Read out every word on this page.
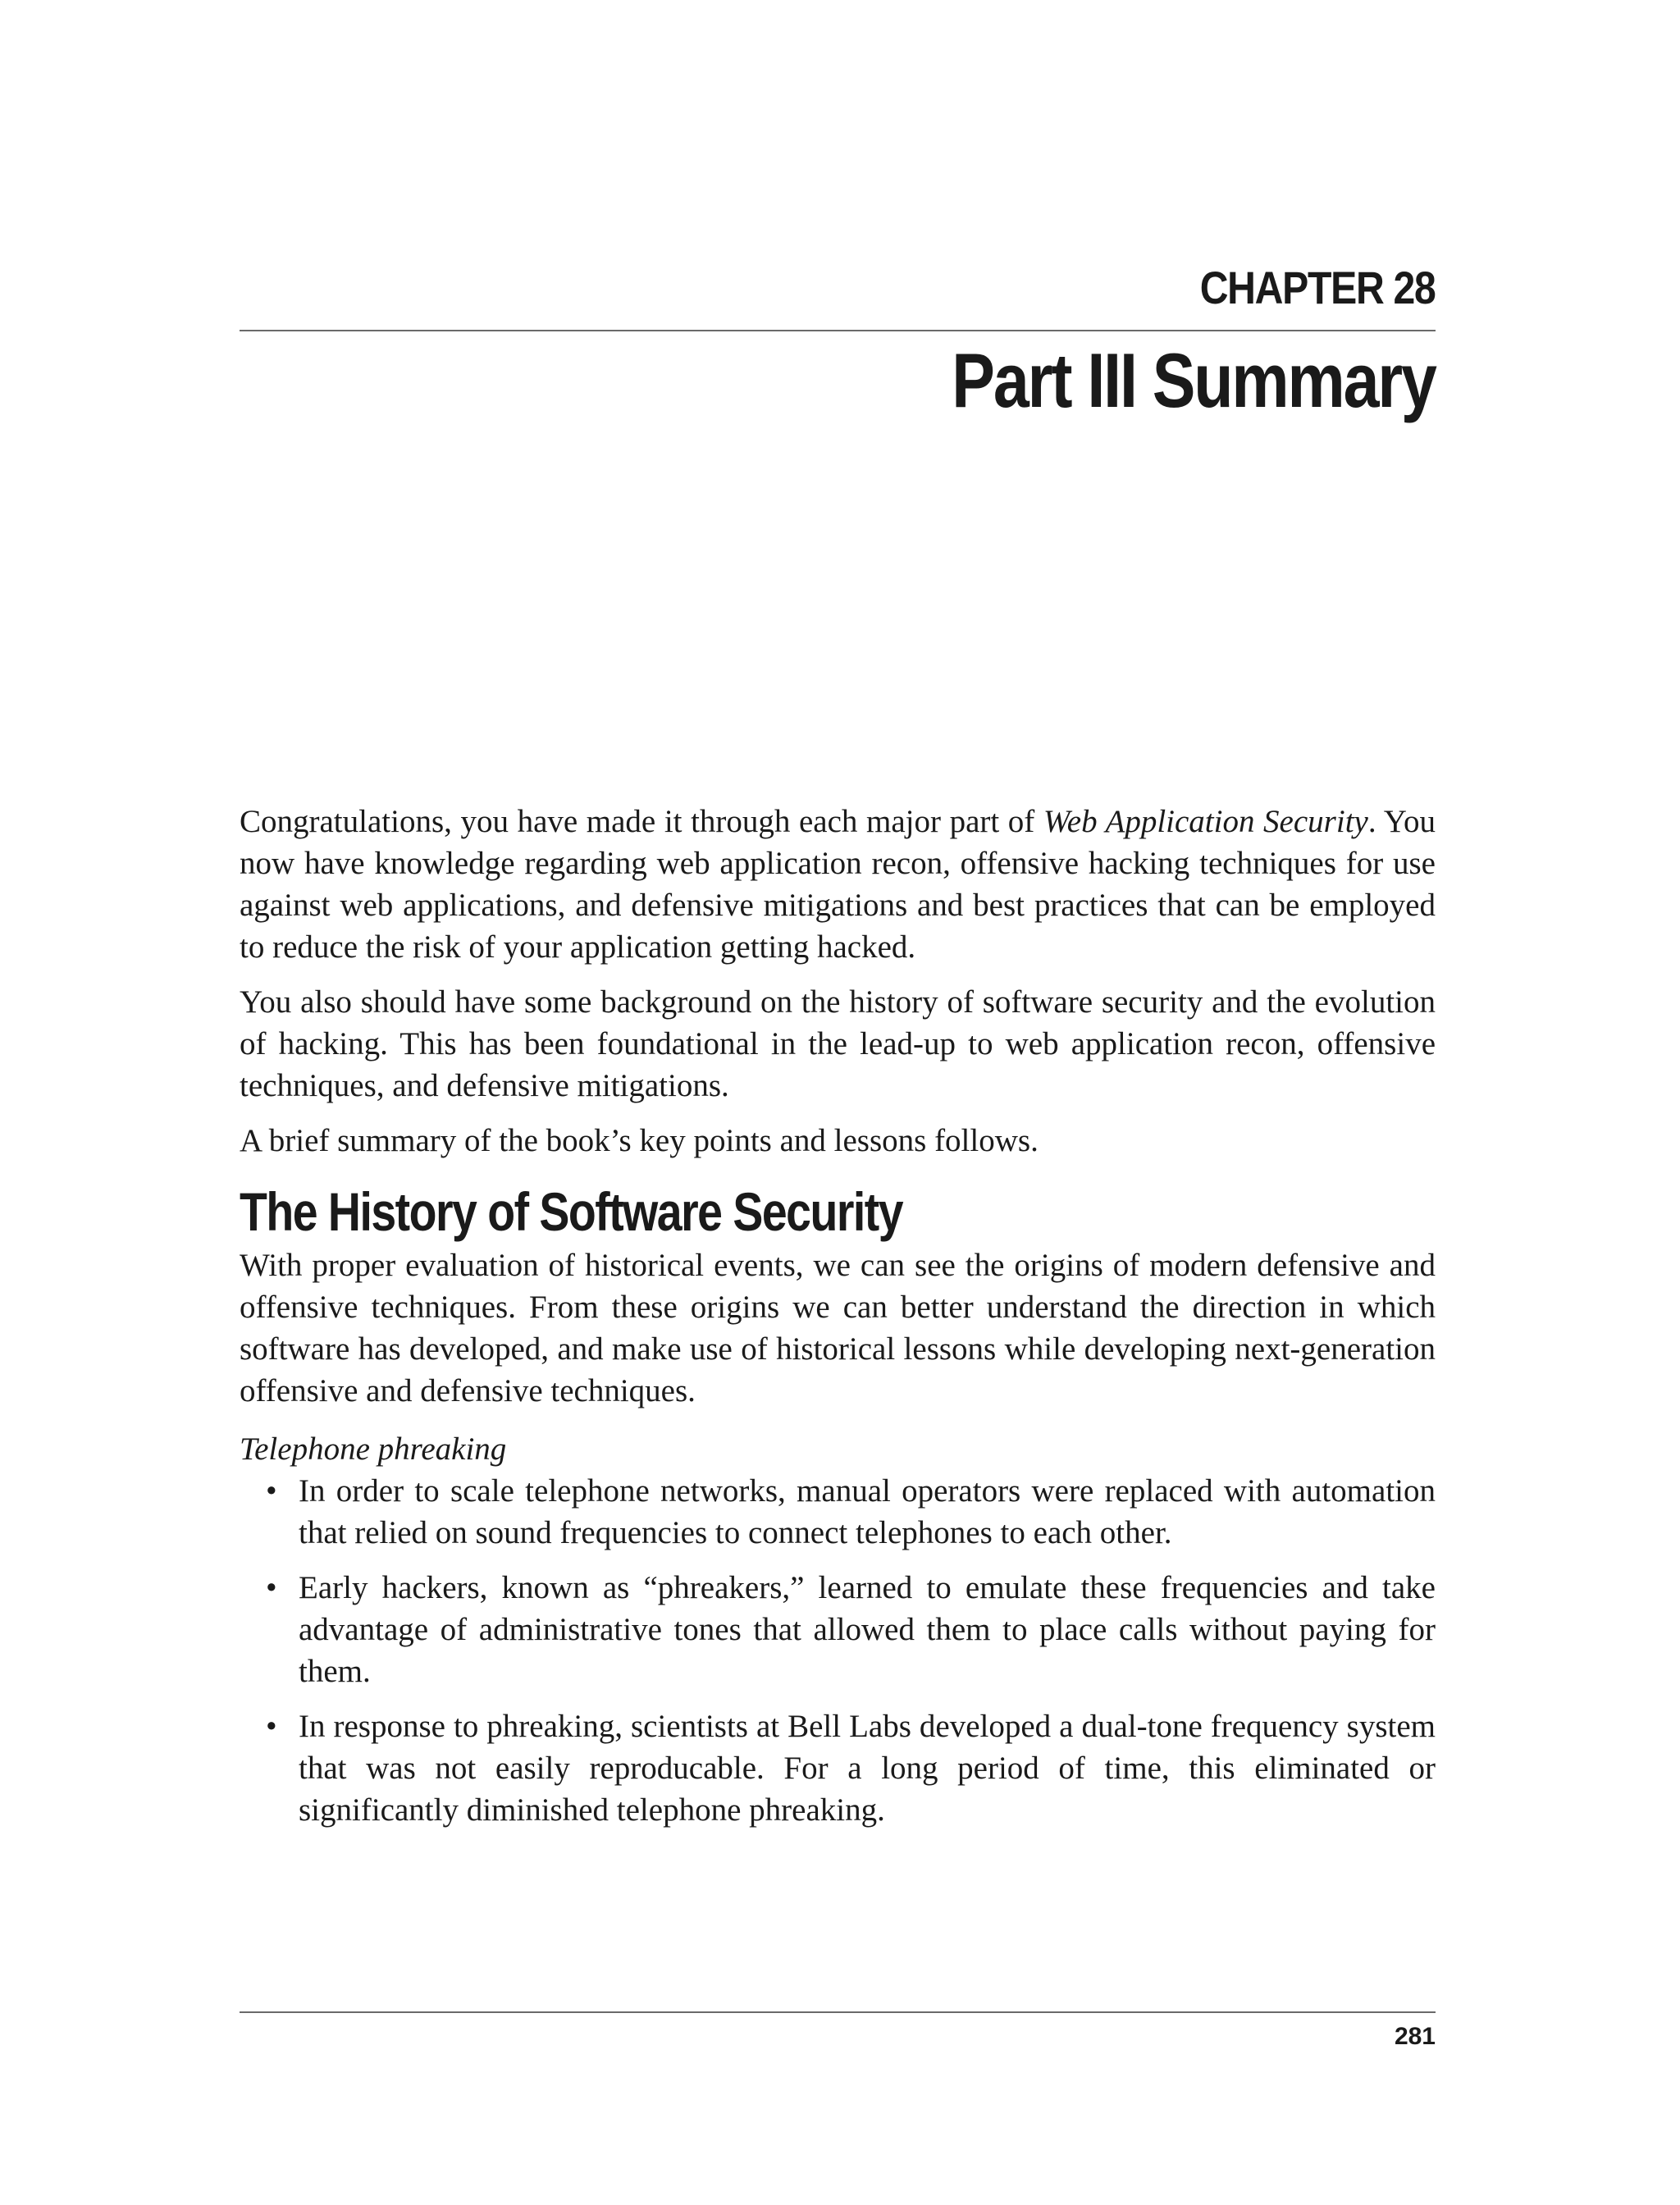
CHAPTER 28
Part III Summary

Congratulations, you have made it through each major part of Web Application Security. You now have knowledge regarding web application recon, offensive hacking techniques for use against web applications, and defensive mitigations and best practices that can be employed to reduce the risk of your application getting hacked.

You also should have some background on the history of software security and the evolution of hacking. This has been foundational in the lead-up to web application recon, offensive techniques, and defensive mitigations.

A brief summary of the book’s key points and lessons follows.

The History of Software Security

With proper evaluation of historical events, we can see the origins of modern defensive and offensive techniques. From these origins we can better understand the direction in which software has developed, and make use of historical lessons while developing next-generation offensive and defensive techniques.

Telephone phreaking
• In order to scale telephone networks, manual operators were replaced with automation that relied on sound frequencies to connect telephones to each other.
• Early hackers, known as “phreakers,” learned to emulate these frequencies and take advantage of administrative tones that allowed them to place calls without paying for them.
• In response to phreaking, scientists at Bell Labs developed a dual-tone frequency system that was not easily reproducable. For a long period of time, this eliminated or significantly diminished telephone phreaking.
281
